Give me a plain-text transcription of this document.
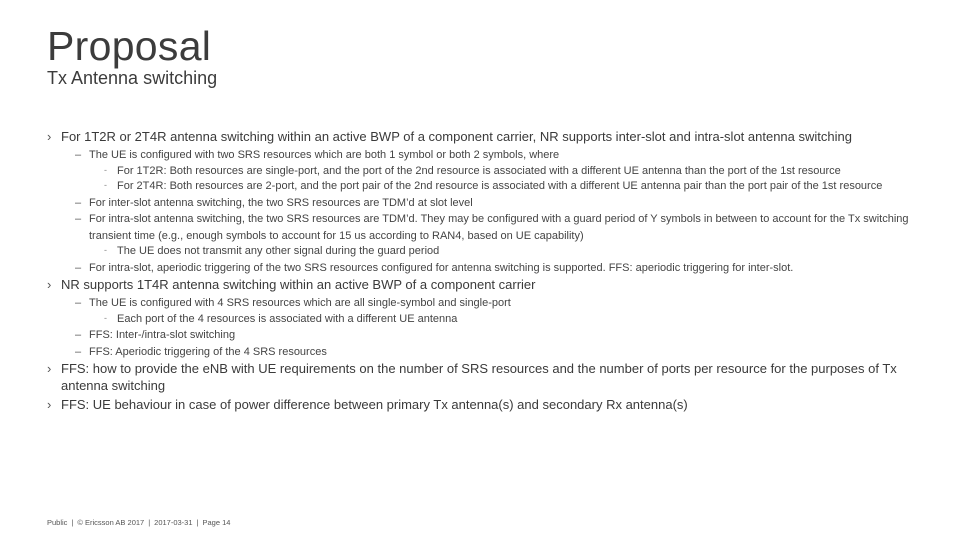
Proposal
Tx Antenna switching
› For 1T2R or 2T4R antenna switching within an active BWP of a component carrier, NR supports inter-slot and intra-slot antenna switching
– The UE is configured with two SRS resources which are both 1 symbol or both 2 symbols, where
- For 1T2R: Both resources are single-port, and the port of the 2nd resource is associated with a different UE antenna than the port of the 1st resource
- For 2T4R: Both resources are 2-port, and the port pair of the 2nd resource is associated with a different UE antenna pair than the port pair of the 1st resource
– For inter-slot antenna switching, the two SRS resources are TDM’d at slot level
– For intra-slot antenna switching, the two SRS resources are TDM’d. They may be configured with a guard period of Y symbols in between to account for the Tx switching transient time (e.g., enough symbols to account for 15 us according to RAN4, based on UE capability)
- The UE does not transmit any other signal during the guard period
– For intra-slot, aperiodic triggering of the two SRS resources configured for antenna switching is supported. FFS: aperiodic triggering for inter-slot.
› NR supports 1T4R antenna switching within an active BWP of a component carrier
– The UE is configured with 4 SRS resources which are all single-symbol and single-port
- Each port of the 4 resources is associated with a different UE antenna
– FFS: Inter-/intra-slot switching
– FFS: Aperiodic triggering of the 4 SRS resources
› FFS: how to provide the eNB with UE requirements on the number of SRS resources and the number of ports per resource for the purposes of Tx antenna switching
› FFS: UE behaviour in case of power difference between primary Tx antenna(s) and secondary Rx antenna(s)
Public | © Ericsson AB 2017 | 2017-03-31 | Page 14
